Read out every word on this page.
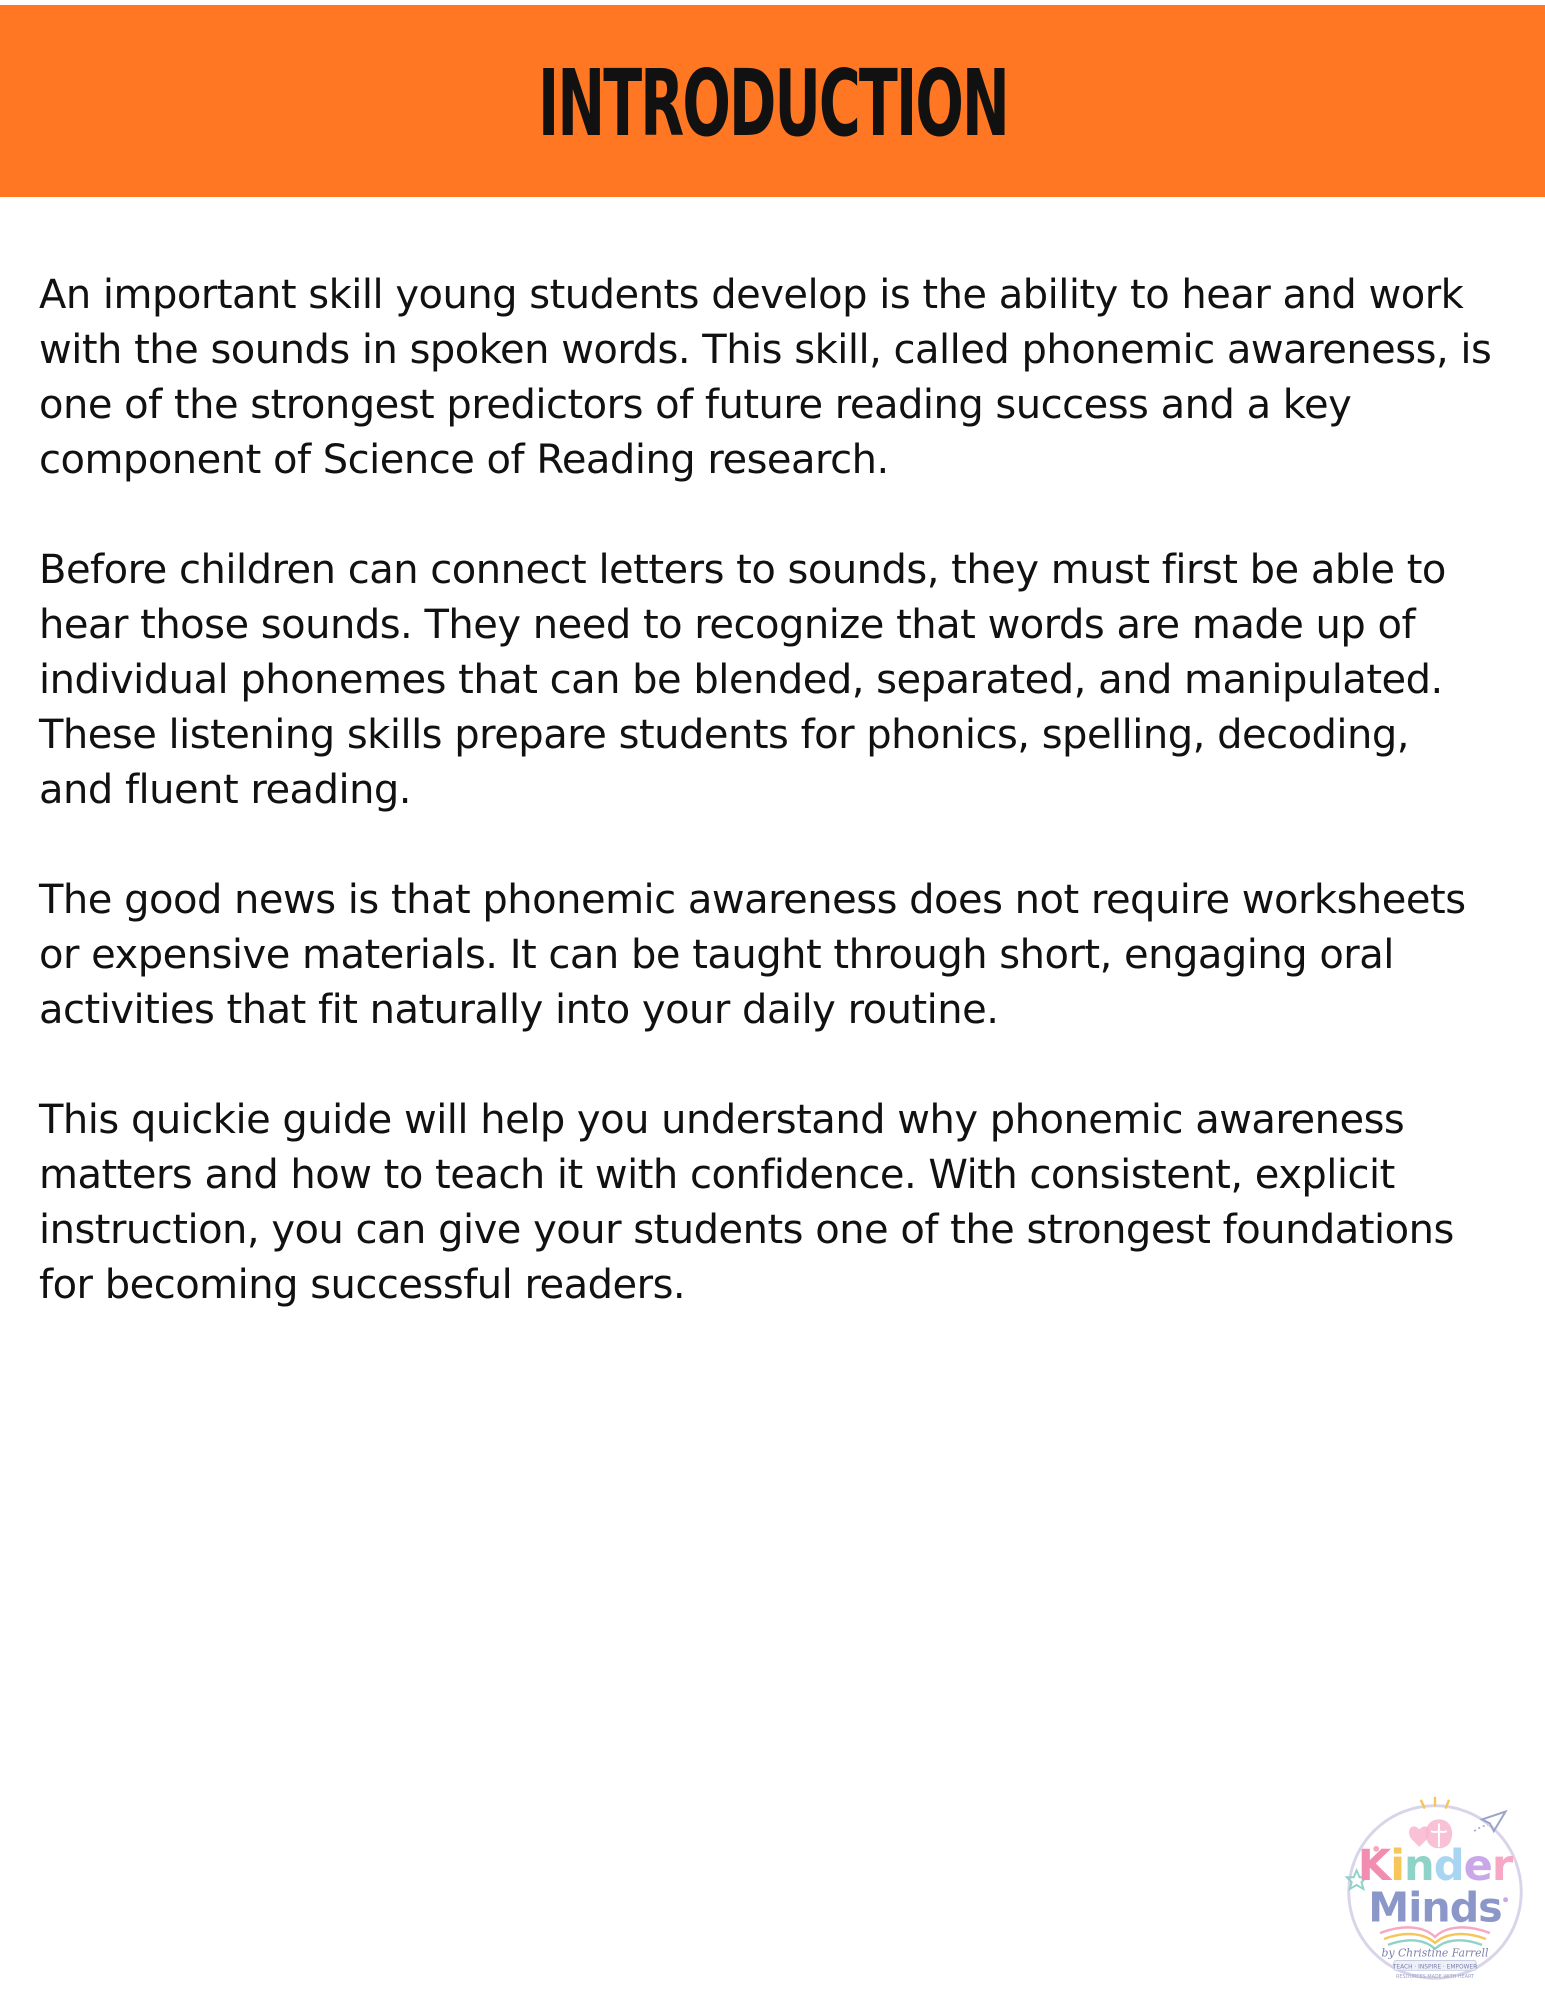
INTRODUCTION

An important skill young students develop is the ability to hear and work
with the sounds in spoken words. This skill, called phonemic awareness, is
one of the strongest predictors of future reading success and a key
component of Science of Reading research.

Before children can connect letters to sounds, they must first be able to
hear those sounds. They need to recognize that words are made up of
individual phonemes that can be blended, separated, and manipulated.
These listening skills prepare students for phonics, spelling, decoding,
and fluent reading.

The good news is that phonemic awareness does not require worksheets
or expensive materials. It can be taught through short, engaging oral
activities that fit naturally into your daily routine.

This quickie guide will help you understand why phonemic awareness
matters and how to teach it with confidence. With consistent, explicit
instruction, you can give your students one of the strongest foundations
for becoming successful readers.

Kinder
Minds
by Christine Farrell
TEACH · INSPIRE · EMPOWER
RESOURCES MADE WITH HEART
